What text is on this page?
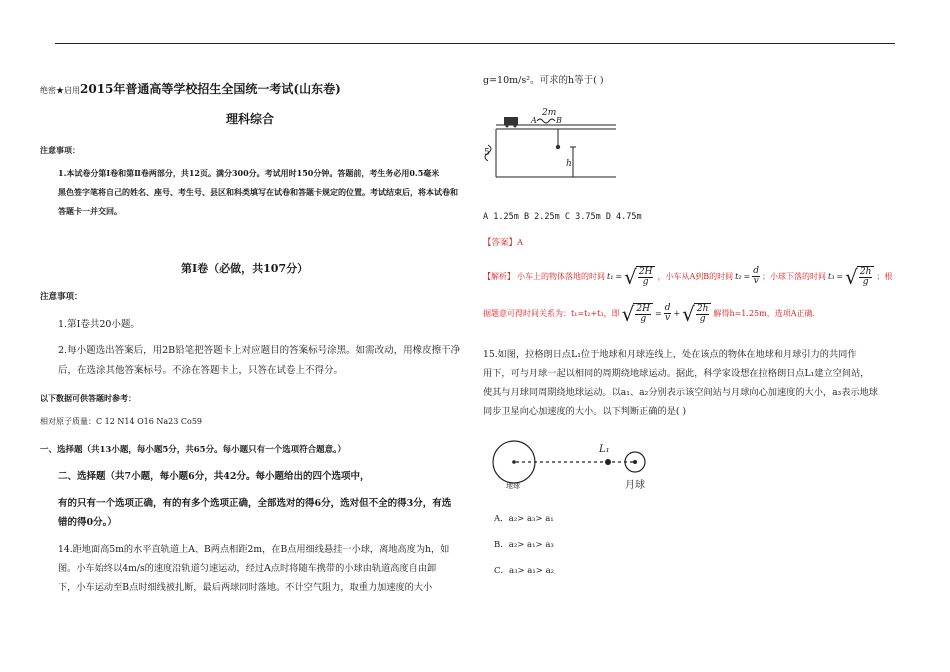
绝密★启用2015年普通高等学校招生全国统一考试(山东卷)
理科综合
注意事项：
1.本试卷分第Ⅰ卷和第Ⅱ卷两部分，共12页。满分300分。考试用时150分钟。答题前，考生务必用0.5毫米
黑色签字笔将自己的姓名、座号、考生号、县区和科类填写在试卷和答题卡规定的位置。考试结束后，将本试卷和
答题卡一并交回。
第Ⅰ卷（必做，共107分）
注意事项：
1.第Ⅰ卷共20小题。
2.每小题选出答案后，用2B铅笔把答题卡上对应题目的答案标号涂黑。如需改动，用橡皮擦干净
后，在选涂其他答案标号。不涂在答题卡上，只答在试卷上不得分。
以下数据可供答题时参考：
相对原子质量：C 12 N14 O16 Na23 Co59
一、选择题（共13小题，每小题5分，共65分。每小题只有一个选项符合题意。）
二、选择题（共7小题，每小题6分，共42分。每小题给出的四个选项中，
有的只有一个选项正确，有的有多个选项正确，全部选对的得6分，选对但不全的得3分，有选
错的得0分。）
14.距地面高5m的水平直轨道上A、B两点相距2m，在B点用细线悬挂一小球，离地高度为h，如
图。小车始终以4m/s的速度沿轨道匀速运动，经过A点时将随车携带的小球由轨道高度自由卸
下，小车运动至B点时细线被扎断，最后两球同时落地。不计空气阻力，取重力加速度的大小
g=10m/s²。可求的h等于( )
2m
A B
h
5
A 1.25m B 2.25m C 3.75m D 4.75m
【答案】A
【解析】 小车上的物体落地的时间 t₁ = √ $\frac{2H}{g}$ ，小车从A到B的时间 $t_2 = \frac{d}{v}$ ；小球下落的时间 t₃ = √ $\frac{2h}{g}$ ；根
据题意可得时间关系为：t₁=t₂+t₃，即 √ $\frac{2H}{g} = \frac{d}{v}$ + √ $\frac{2h}{g}$ 解得h=1.25m，选项A正确.
15.如图，拉格朗日点L₁位于地球和月球连线上，处在该点的物体在地球和月球引力的共同作
用下，可与月球一起以相同的周期绕地球运动。据此，科学家设想在拉格朗日点L₁建立空间站，
使其与月球同周期绕地球运动。以a₁、a₂分别表示该空间站与月球向心加速度的大小，a₃表示地球
同步卫星向心加速度的大小。以下判断正确的是( )
L₁
地球	月球
A．a₂> a₃> a₁
B．a₂> a₁> a₃
C．a₃> a₁> a₂
